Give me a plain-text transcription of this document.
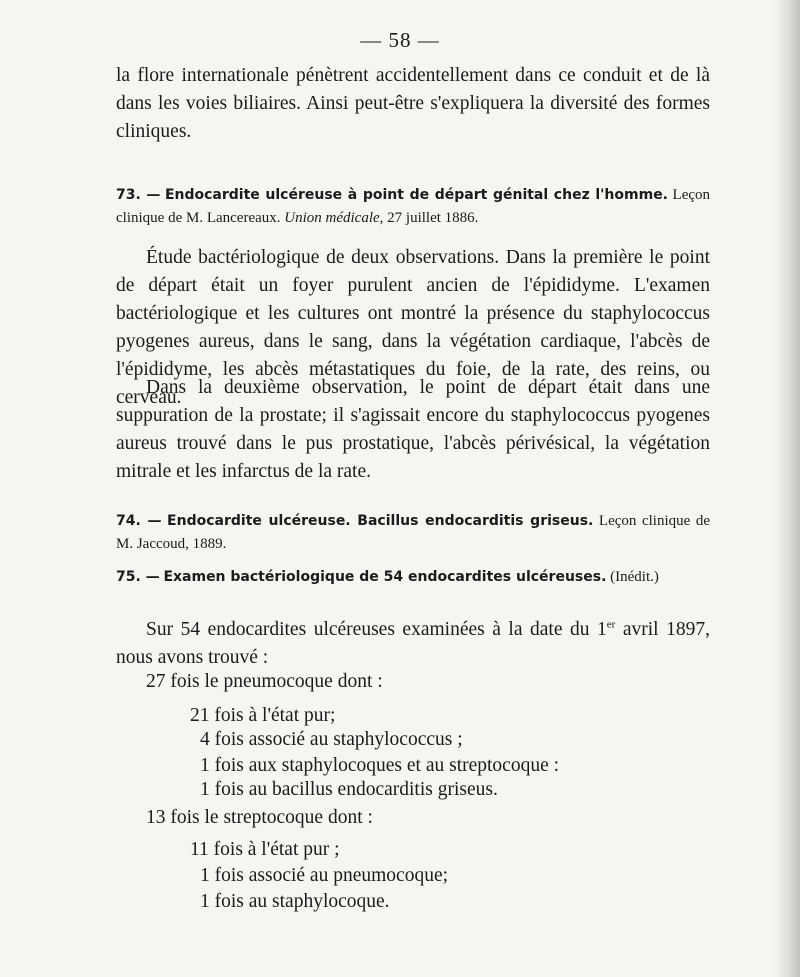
— 58 —

la flore internationale pénètrent accidentellement dans ce conduit et de là dans les voies biliaires. Ainsi peut-être s'expliquera la diversité des formes cliniques.

73. — Endocardite ulcéreuse à point de départ génital chez l'homme. Leçon clinique de M. Lancereaux. Union médicale, 27 juillet 1886.

Étude bactériologique de deux observations. Dans la première le point de départ était un foyer purulent ancien de l'épididyme. L'examen bactériologique et les cultures ont montré la présence du staphylococcus pyogenes aureus, dans le sang, dans la végétation cardiaque, l'abcès de l'épididyme, les abcès métastatiques du foie, de la rate, des reins, ou cerveau.

Dans la deuxième observation, le point de départ était dans une suppuration de la prostate; il s'agissait encore du staphylococcus pyogenes aureus trouvé dans le pus prostatique, l'abcès périvésical, la végétation mitrale et les infarctus de la rate.

74. — Endocardite ulcéreuse. Bacillus endocarditis griseus. Leçon clinique de M. Jaccoud, 1889.

75. — Examen bactériologique de 54 endocardites ulcéreuses. (Inédit.)

Sur 54 endocardites ulcéreuses examinées à la date du 1er avril 1897, nous avons trouvé :

27 fois le pneumocoque dont :
21 fois à l'état pur;
4 fois associé au staphylococcus ;
1 fois aux staphylocoques et au streptocoque :
1 fois au bacillus endocarditis griseus.
13 fois le streptocoque dont :
11 fois à l'état pur ;
1 fois associé au pneumocoque;
1 fois au staphylocoque.
